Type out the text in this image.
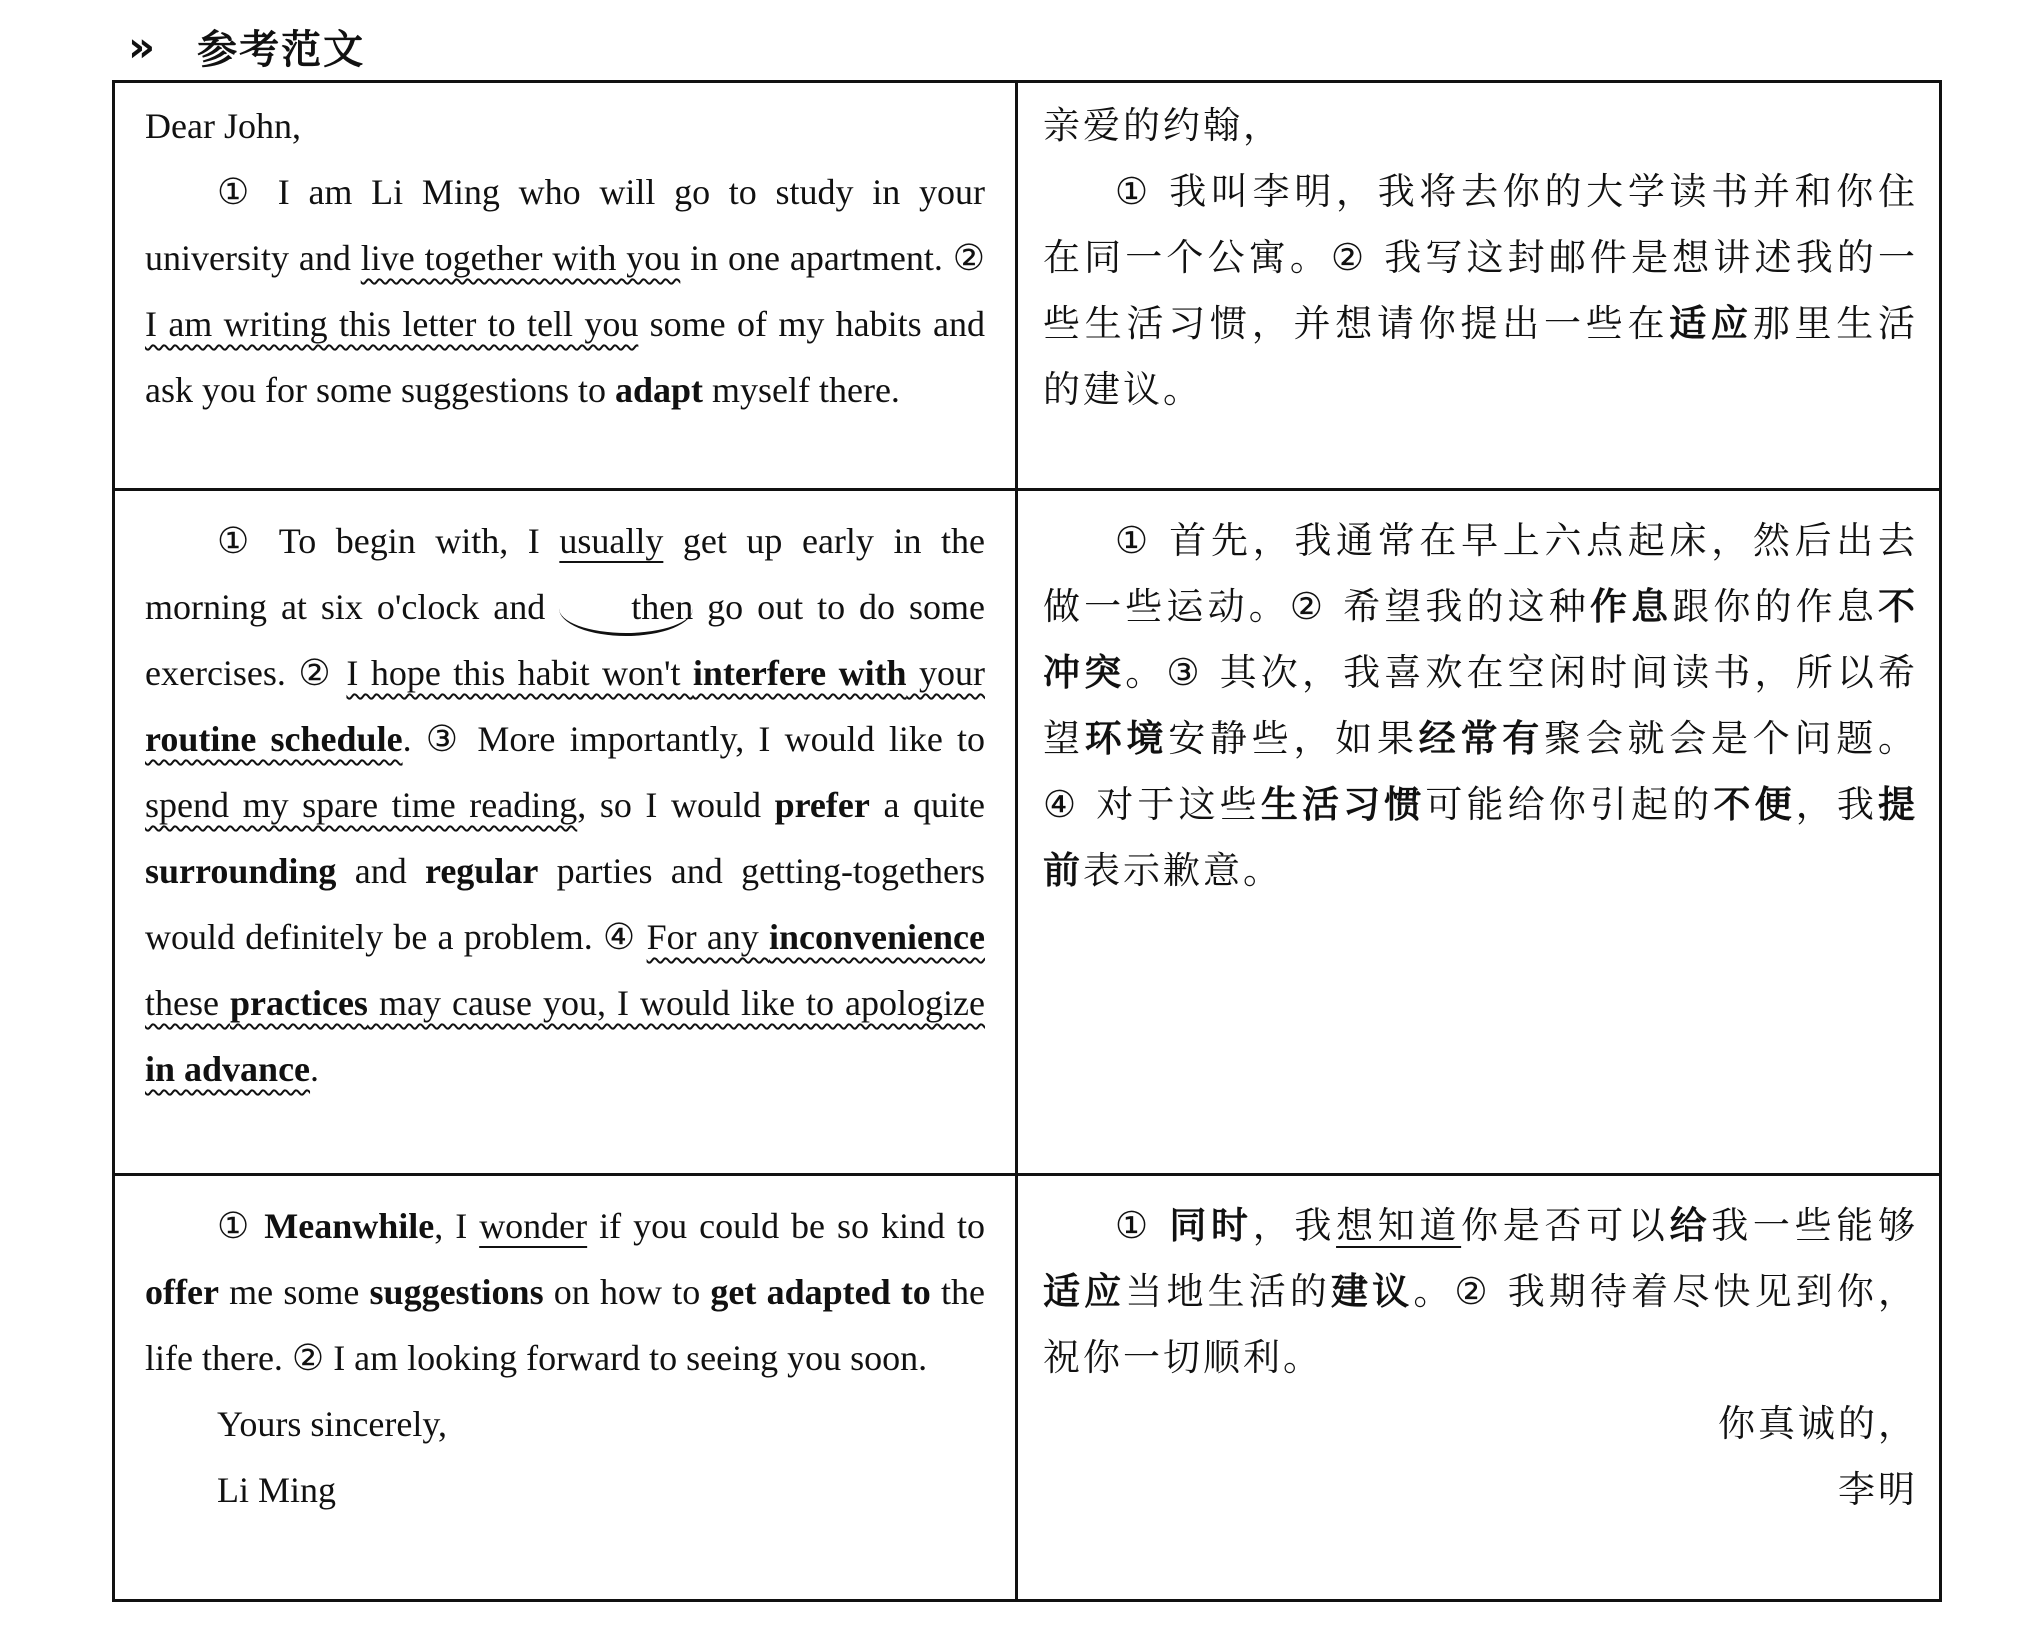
» 参考范文

Dear John,

① I am Li Ming who will go to study in your university and live together with you in one apartment. ② I am writing this letter to tell you some of my habits and ask you for some suggestions to adapt myself there.

亲爱的约翰，

① 我叫李明，我将去你的大学读书并和你住在同一个公寓。② 我写这封邮件是想讲述我的一些生活习惯，并想请你提出一些在适应那里生活的建议。

① To begin with, I usually get up early in the morning at six o'clock and then go out to do some exercises. ② I hope this habit won't interfere with your routine schedule. ③ More importantly, I would like to spend my spare time reading, so I would prefer a quite surrounding and regular parties and getting-togethers would definitely be a problem. ④ For any inconvenience these practices may cause you, I would like to apologize in advance.

① 首先，我通常在早上六点起床，然后出去做一些运动。② 希望我的这种作息跟你的作息不冲突。③ 其次，我喜欢在空闲时间读书，所以希望环境安静些，如果经常有聚会就会是个问题。④ 对于这些生活习惯可能给你引起的不便，我提前表示歉意。

① Meanwhile, I wonder if you could be so kind to offer me some suggestions on how to get adapted to the life there. ② I am looking forward to seeing you soon.

Yours sincerely,

Li Ming

① 同时，我想知道你是否可以给我一些能够适应当地生活的建议。② 我期待着尽快见到你，祝你一切顺利。

你真诚的，

李明
